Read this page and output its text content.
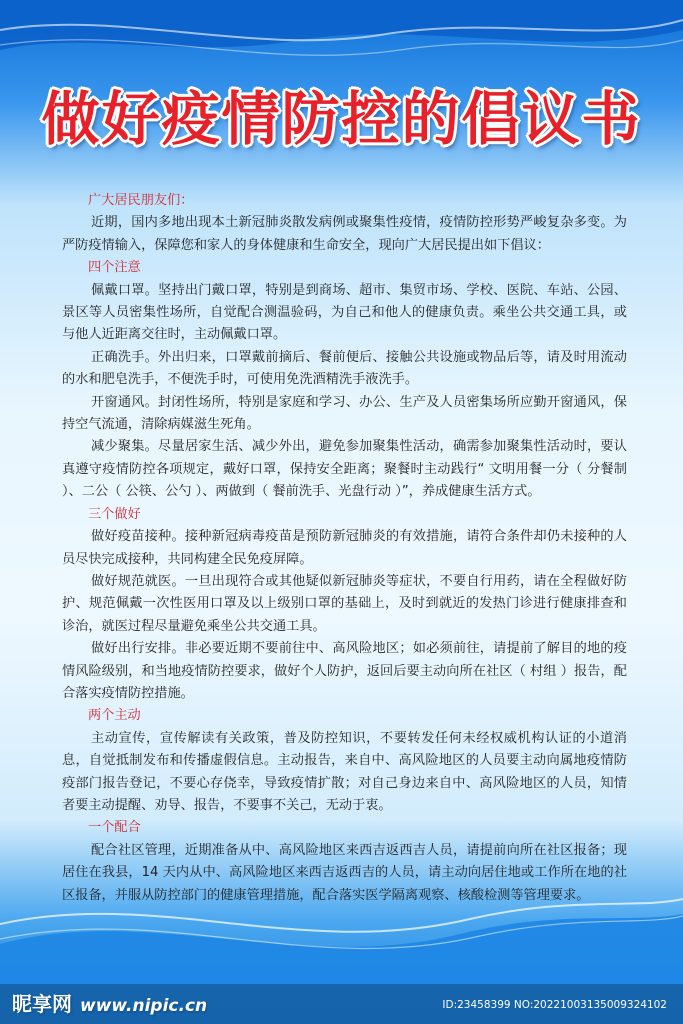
做好疫情防控的倡议书

广大居民朋友们：

近期，国内多地出现本土新冠肺炎散发病例或聚集性疫情，疫情防控形势严峻复杂多变。为严防疫情输入，保障您和家人的身体健康和生命安全，现向广大居民提出如下倡议：

四个注意

佩戴口罩。坚持出门戴口罩，特别是到商场、超市、集贸市场、学校、医院、车站、公园、景区等人员密集性场所，自觉配合测温验码，为自己和他人的健康负责。乘坐公共交通工具，或与他人近距离交往时，主动佩戴口罩。

正确洗手。外出归来，口罩戴前摘后、餐前便后、接触公共设施或物品后等，请及时用流动的水和肥皂洗手，不便洗手时，可使用免洗酒精洗手液洗手。

开窗通风。封闭性场所，特别是家庭和学习、办公、生产及人员密集场所应勤开窗通风，保持空气流通，清除病媒滋生死角。

减少聚集。尽量居家生活、减少外出，避免参加聚集性活动，确需参加聚集性活动时，要认真遵守疫情防控各项规定，戴好口罩，保持安全距离；聚餐时主动践行“ 文明用餐一分（ 分餐制 ）、二公（ 公筷、公勺 ）、两做到（ 餐前洗手、光盘行动 ）”，养成健康生活方式。

三个做好

做好疫苗接种。接种新冠病毒疫苗是预防新冠肺炎的有效措施，请符合条件却仍未接种的人员尽快完成接种，共同构建全民免疫屏障。

做好规范就医。一旦出现符合或其他疑似新冠肺炎等症状，不要自行用药，请在全程做好防护、规范佩戴一次性医用口罩及以上级别口罩的基础上，及时到就近的发热门诊进行健康排查和诊治，就医过程尽量避免乘坐公共交通工具。

做好出行安排。非必要近期不要前往中、高风险地区；如必须前往，请提前了解目的地的疫情风险级别，和当地疫情防控要求，做好个人防护，返回后要主动向所在社区（ 村组 ）报告，配合落实疫情防控措施。

两个主动

主动宣传，宣传解读有关政策，普及防控知识，不要转发任何未经权威机构认证的小道消息，自觉抵制发布和传播虚假信息。主动报告，来自中、高风险地区的人员要主动向属地疫情防疫部门报告登记，不要心存侥幸，导致疫情扩散；对自己身边来自中、高风险地区的人员，知情者要主动提醒、劝导、报告，不要事不关己，无动于衷。

一个配合

配合社区管理，近期准备从中、高风险地区来西吉返西吉人员，请提前向所在社区报备；现居住在我县，14 天内从中、高风险地区来西吉返西吉的人员，请主动向居住地或工作所在地的社区报备，并服从防控部门的健康管理措施，配合落实医学隔离观察、核酸检测等管理要求。

昵享网 www.nipic.cn	ID:23458399 NO:20221003135009324102
